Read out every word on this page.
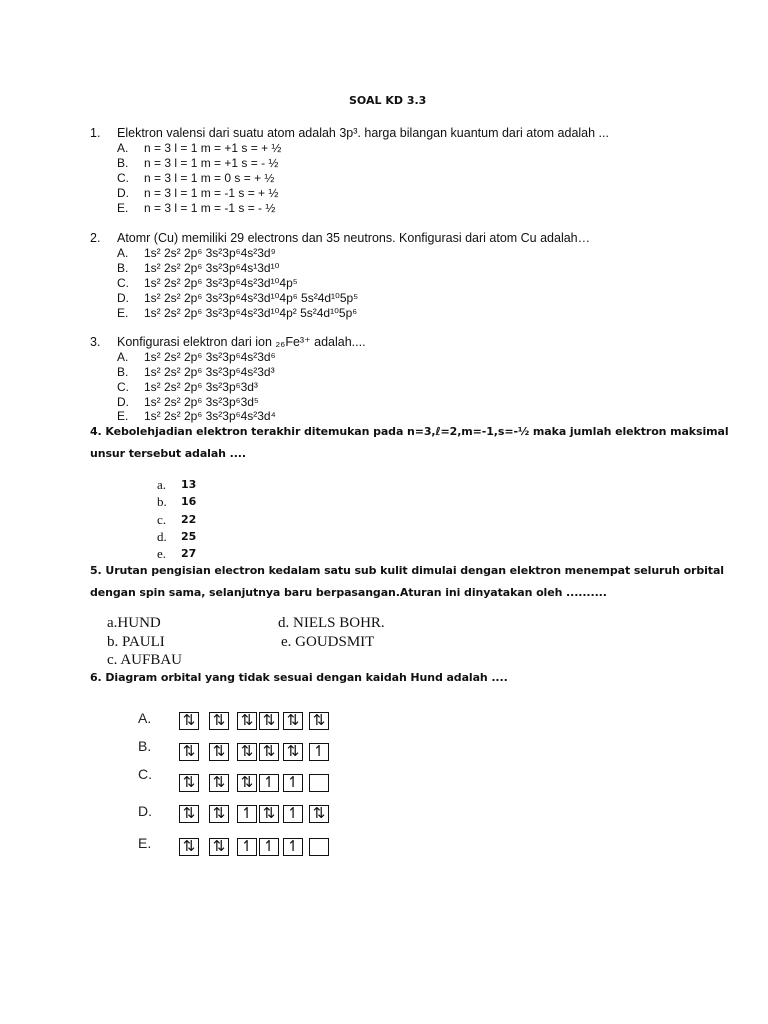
SOAL KD 3.3
1. Elektron valensi dari suatu atom adalah 3p³. harga bilangan kuantum dari atom adalah ...
A. n = 3 l = 1 m = +1 s = + ½
B. n = 3 l = 1 m = +1 s = - ½
C. n = 3 l = 1 m = 0 s = + ½
D. n = 3 l = 1 m = -1 s = + ½
E. n = 3 l = 1 m = -1 s = - ½
2. Atomr (Cu) memiliki 29 electrons dan 35 neutrons. Konfigurasi dari atom Cu adalah…
A. 1s² 2s² 2p⁶ 3s²3p⁶4s²3d⁹
B. 1s² 2s² 2p⁶ 3s²3p⁶4s¹3d¹⁰
C. 1s² 2s² 2p⁶ 3s²3p⁶4s²3d¹⁰4p⁵
D. 1s² 2s² 2p⁶ 3s²3p⁶4s²3d¹⁰4p⁶ 5s²4d¹⁰5p⁵
E. 1s² 2s² 2p⁶ 3s²3p⁶4s²3d¹⁰4p² 5s²4d¹⁰5p⁶
3. Konfigurasi elektron dari ion ₂₆Fe³⁺ adalah....
A. 1s² 2s² 2p⁶ 3s²3p⁶4s²3d⁶
B. 1s² 2s² 2p⁶ 3s²3p⁶4s²3d³
C. 1s² 2s² 2p⁶ 3s²3p⁶3d³
D. 1s² 2s² 2p⁶ 3s²3p⁶3d⁵
E. 1s² 2s² 2p⁶ 3s²3p⁶4s²3d⁴
4. Kebolehjadian elektron terakhir ditemukan pada n=3,ℓ=2,m=-1,s=-½ maka jumlah elektron maksimal
unsur tersebut adalah ....
a. 13
b. 16
c. 22
d. 25
e. 27
5. Urutan pengisian electron kedalam satu sub kulit dimulai dengan elektron menempat seluruh orbital
dengan spin sama, selanjutnya baru berpasangan.Aturan ini dinyatakan oleh ..........
a.HUND
b. PAULI
c. AUFBAU
d. NIELS BOHR.
e. GOUDSMIT
6. Diagram orbital yang tidak sesuai dengan kaidah Hund adalah ....
A. ⇅ ⇅ ⇅ ⇅ ⇅ ⇅
B. ⇅ ⇅ ⇅ ⇅ ⇅ ↿
C. ⇅ ⇅ ⇅ ↿ ↿
D. ⇅ ⇅ ↿ ⇅ ↿ ⇅
E. ⇅ ⇅ ↿ ↿ ↿
